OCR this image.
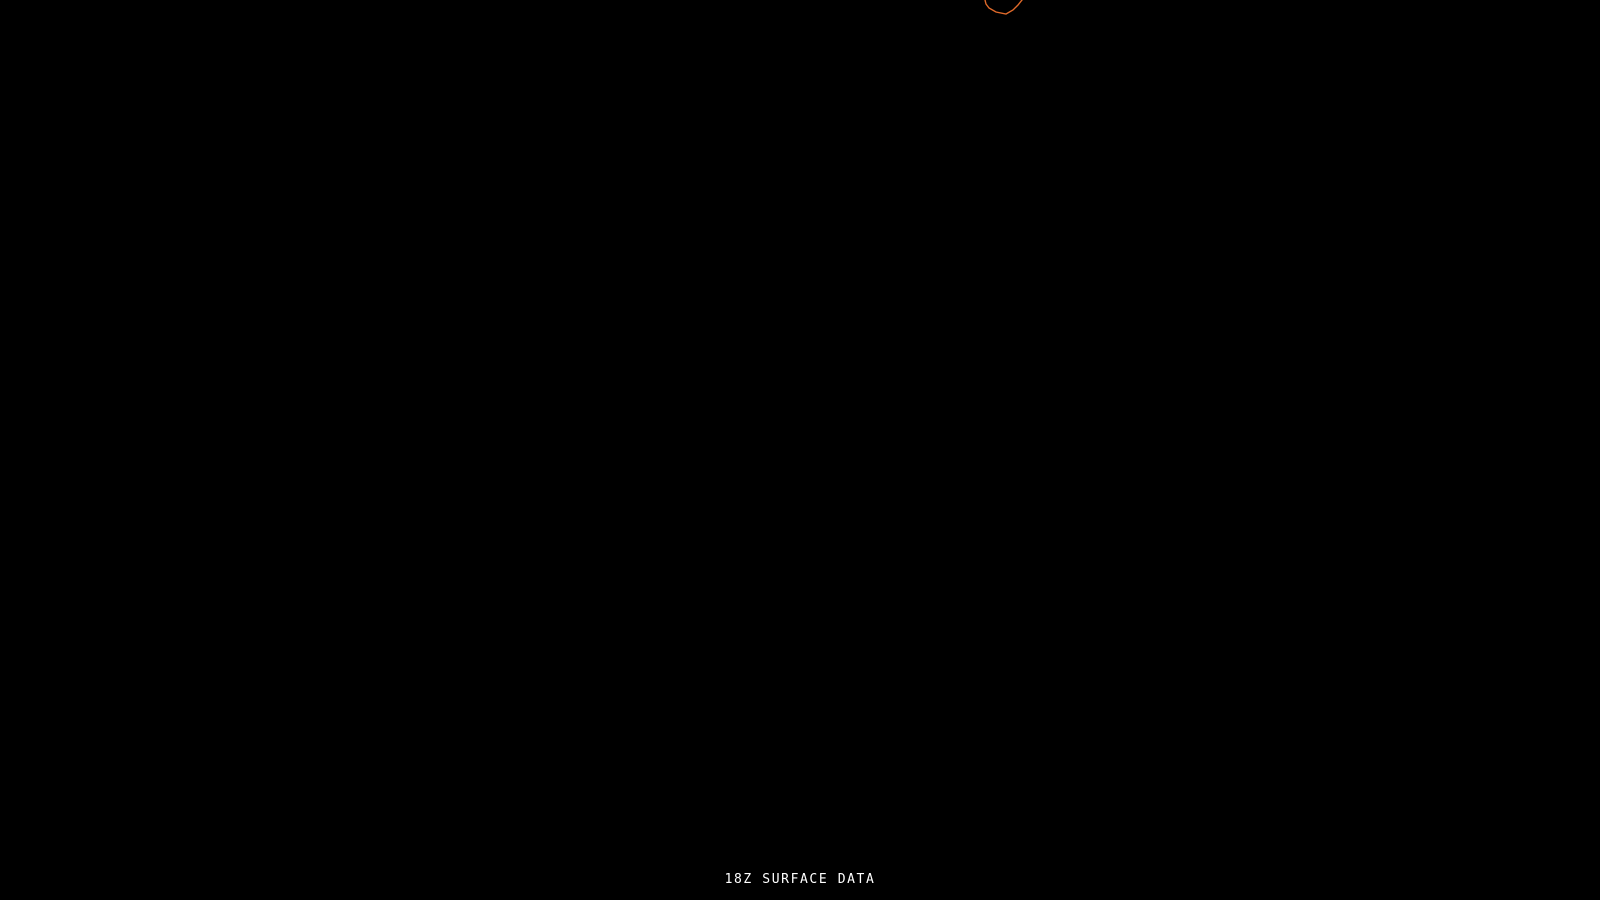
18Z SURFACE DATA
